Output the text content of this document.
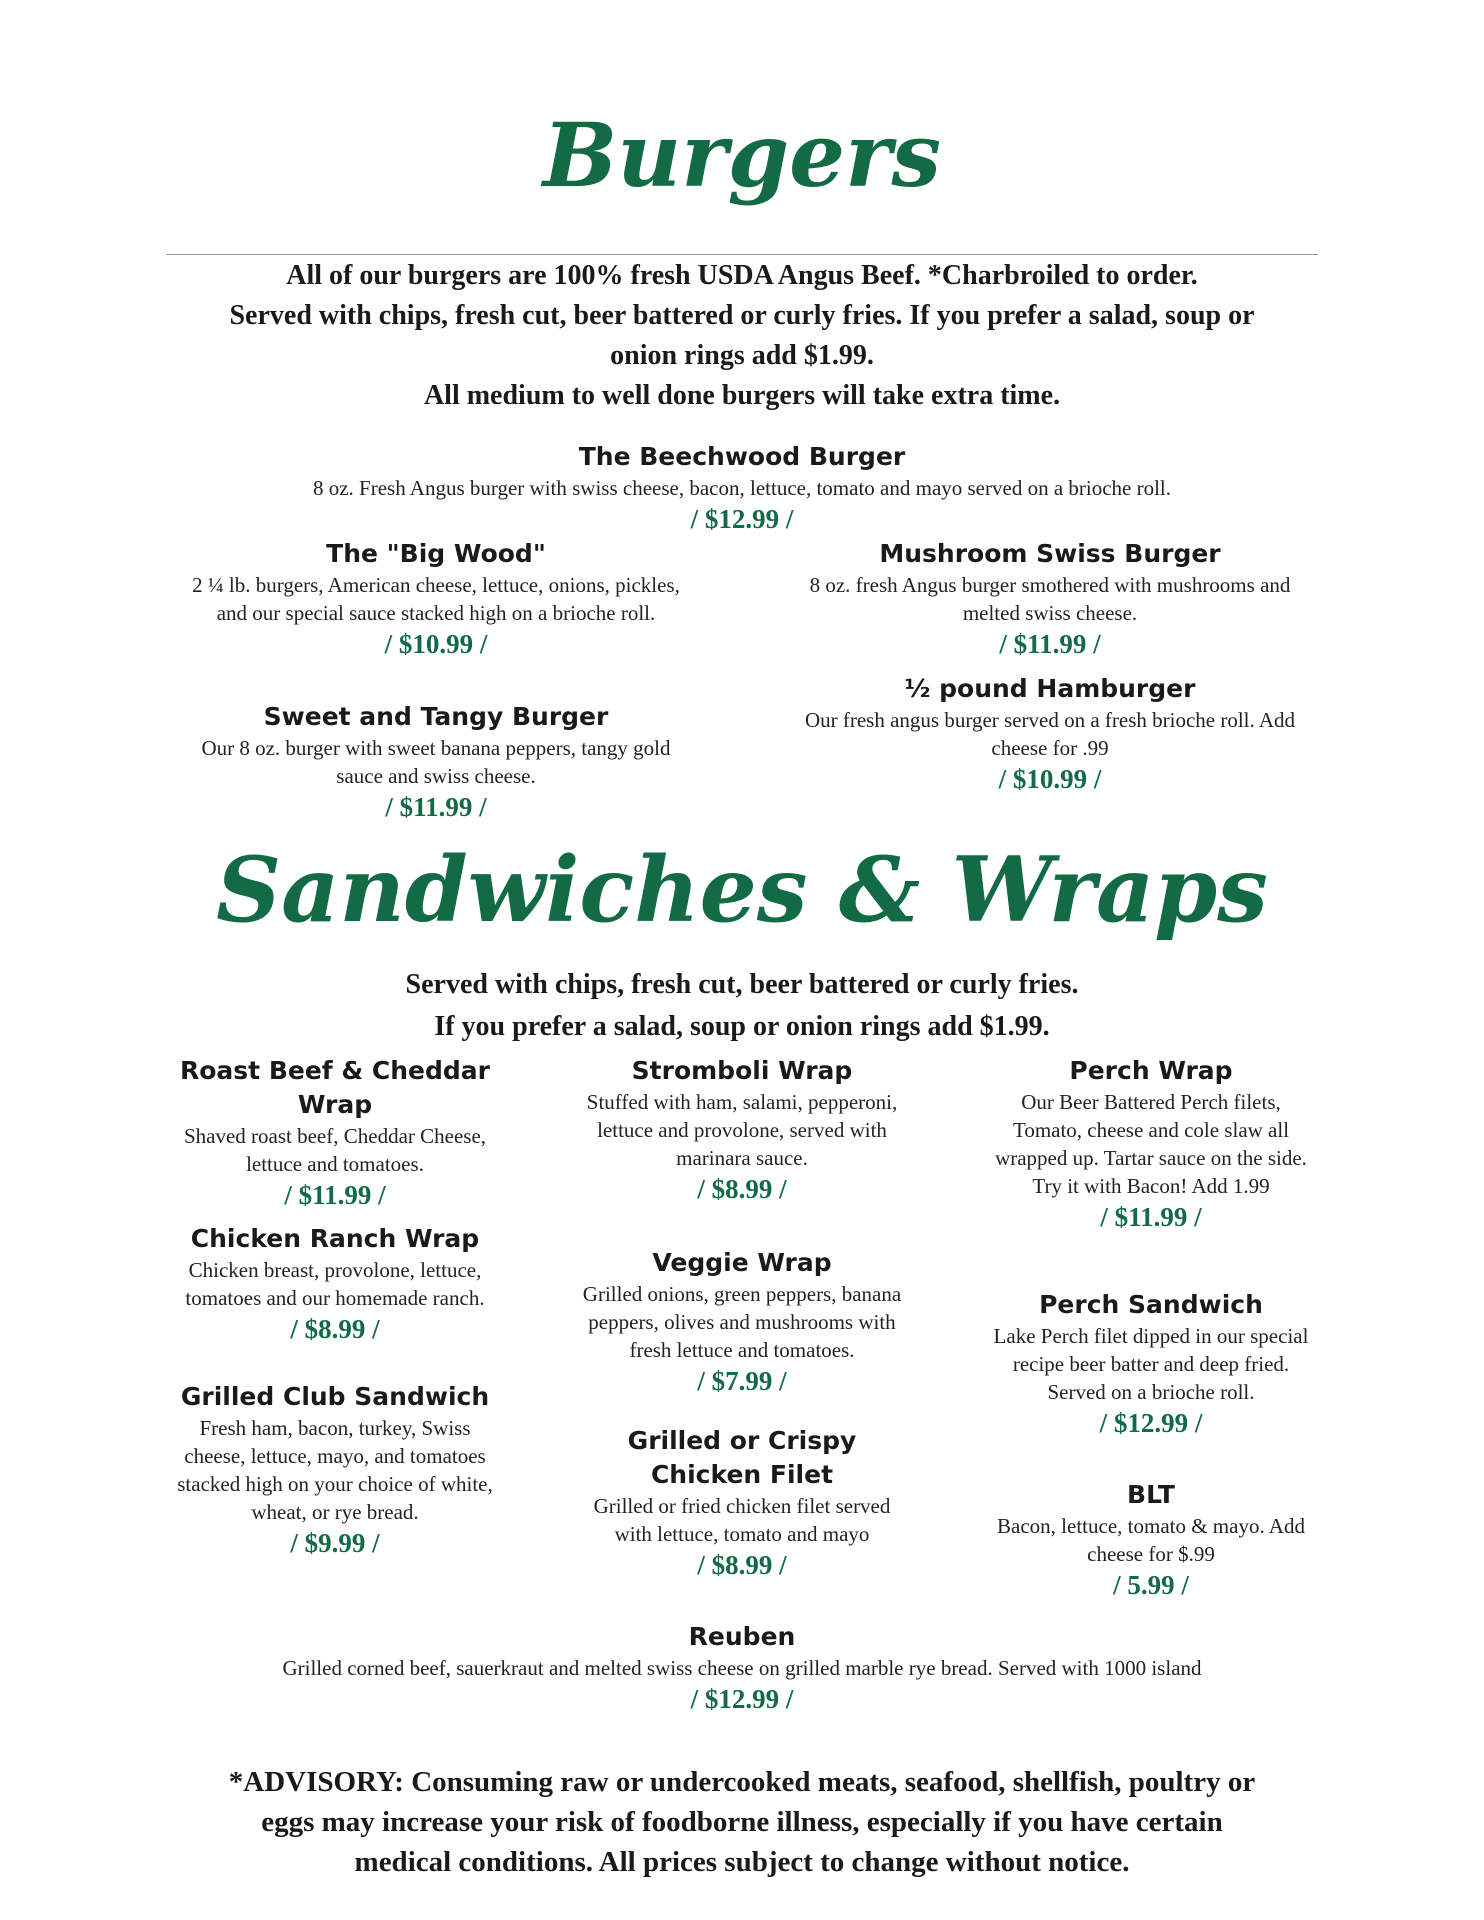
Burgers
All of our burgers are 100% fresh USDA Angus Beef. *Charbroiled to order.
Served with chips, fresh cut, beer battered or curly fries. If you prefer a salad, soup or
onion rings add $1.99.
All medium to well done burgers will take extra time.
The Beechwood Burger
8 oz. Fresh Angus burger with swiss cheese, bacon, lettuce, tomato and mayo served on a brioche roll.
/ $12.99 /
The "Big Wood"
2 ¼ lb. burgers, American cheese, lettuce, onions, pickles, and our special sauce stacked high on a brioche roll.
/ $10.99 /
Sweet and Tangy Burger
Our 8 oz. burger with sweet banana peppers, tangy gold sauce and swiss cheese.
/ $11.99 /
Mushroom Swiss Burger
8 oz. fresh Angus burger smothered with mushrooms and melted swiss cheese.
/ $11.99 /
½ pound Hamburger
Our fresh angus burger served on a fresh brioche roll. Add cheese for .99
/ $10.99 /
Sandwiches & Wraps
Served with chips, fresh cut, beer battered or curly fries.
If you prefer a salad, soup or onion rings add $1.99.
Roast Beef & Cheddar Wrap
Shaved roast beef, Cheddar Cheese, lettuce and tomatoes.
/ $11.99 /
Chicken Ranch Wrap
Chicken breast, provolone, lettuce, tomatoes and our homemade ranch.
/ $8.99 /
Grilled Club Sandwich
Fresh ham, bacon, turkey, Swiss cheese, lettuce, mayo, and tomatoes stacked high on your choice of white, wheat, or rye bread.
/ $9.99 /
Stromboli Wrap
Stuffed with ham, salami, pepperoni, lettuce and provolone, served with marinara sauce.
/ $8.99 /
Veggie Wrap
Grilled onions, green peppers, banana peppers, olives and mushrooms with fresh lettuce and tomatoes.
/ $7.99 /
Grilled or Crispy Chicken Filet
Grilled or fried chicken filet served with lettuce, tomato and mayo
/ $8.99 /
Perch Wrap
Our Beer Battered Perch filets, Tomato, cheese and cole slaw all wrapped up. Tartar sauce on the side. Try it with Bacon! Add 1.99
/ $11.99 /
Perch Sandwich
Lake Perch filet dipped in our special recipe beer batter and deep fried. Served on a brioche roll.
/ $12.99 /
BLT
Bacon, lettuce, tomato & mayo. Add cheese for $.99
/ 5.99 /
Reuben
Grilled corned beef, sauerkraut and melted swiss cheese on grilled marble rye bread. Served with 1000 island
/ $12.99 /
*ADVISORY: Consuming raw or undercooked meats, seafood, shellfish, poultry or
eggs may increase your risk of foodborne illness, especially if you have certain
medical conditions. All prices subject to change without notice.
